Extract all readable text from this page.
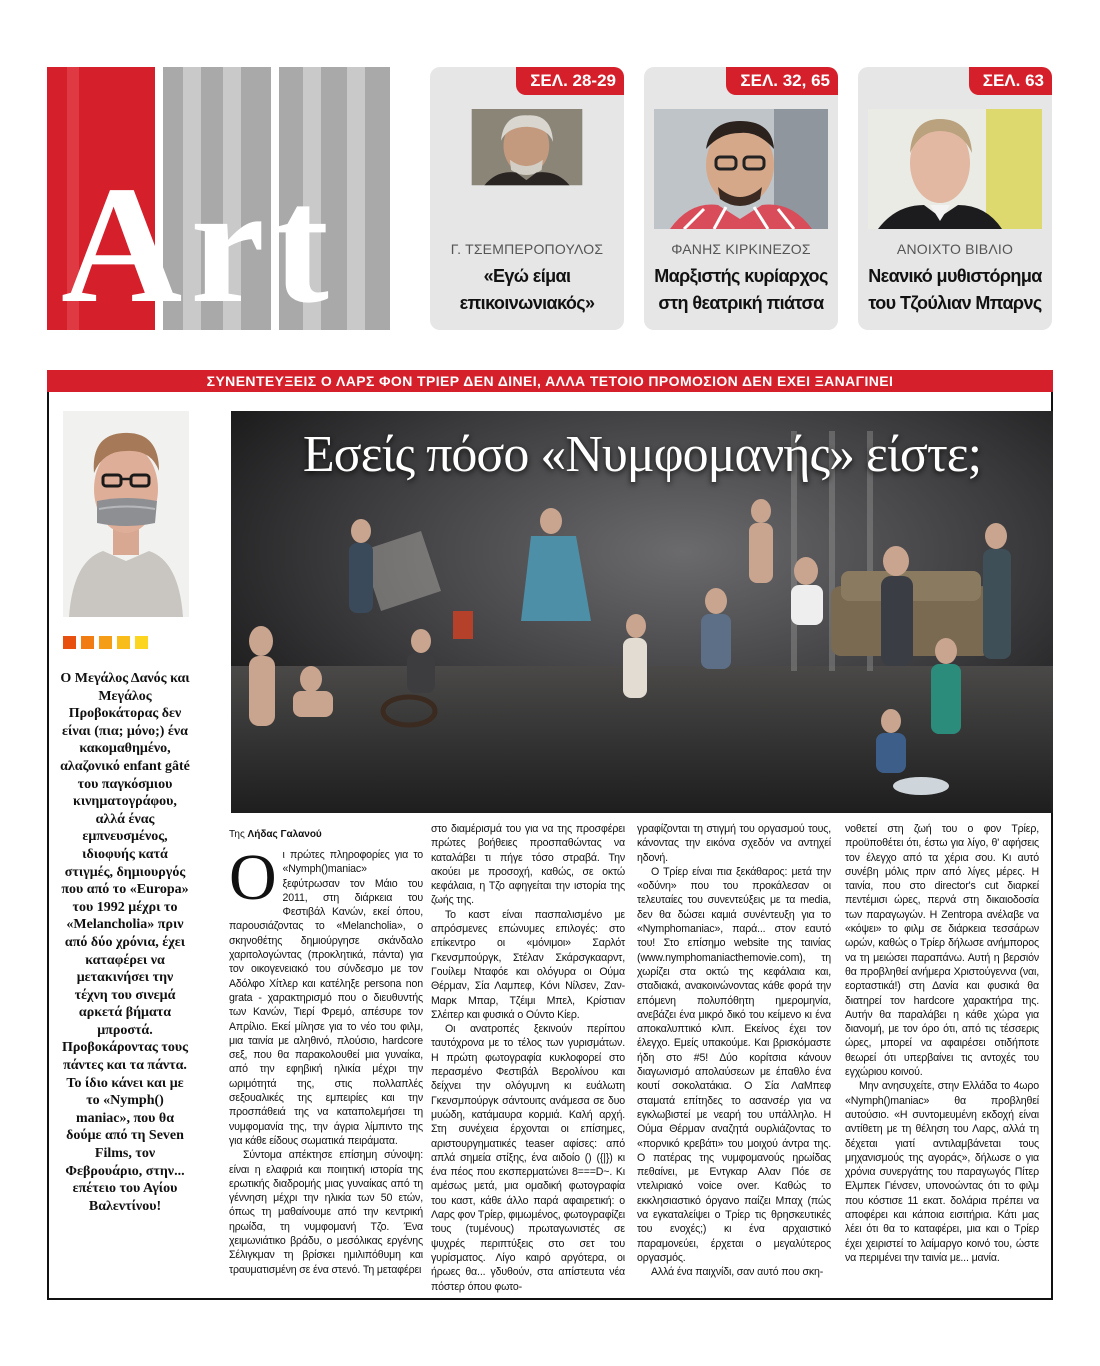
Art
ΣΕΛ. 28-29
Γ. ΤΣΕΜΠΕΡΟΠΟΥΛΟΣ
«Εγώ είμαι
επικοινωνιακός»
ΣΕΛ. 32, 65
ΦΑΝΗΣ ΚΙΡΚΙΝΕΖΟΣ
Μαρξιστής κυρίαρχος
στη θεατρική πιάτσα
ΣΕΛ. 63
ΑΝΟΙΧΤΟ ΒΙΒΛΙΟ
Νεανικό μυθιστόρημα
του Τζούλιαν Μπαρνς
ΣΥΝΕΝΤΕΥΞΕΙΣ Ο ΛΑΡΣ ΦΟΝ ΤΡΙΕΡ ΔΕΝ ΔΙΝΕΙ, ΑΛΛΑ ΤΕΤΟΙΟ ΠΡΟΜΟΣΙΟΝ ΔΕΝ ΕΧΕΙ ΞΑΝΑΓΙΝΕΙ
Ο Μεγάλος Δανός και Μεγάλος Προβοκάτορας δεν είναι (πια; μόνο;) ένα κακομαθημένο, αλαζονικό enfant gâté του παγκόσμιου κινηματογράφου, αλλά ένας εμπνευσμένος, ιδιοφυής κατά στιγμές, δημιουργός που από το «Europa» του 1992 μέχρι το «Melancholia» πριν από δύο χρόνια, έχει καταφέρει να μετακινήσει την τέχνη του σινεμά αρκετά βήματα μπροστά. Προβοκάροντας τους πάντες και τα πάντα. Το ίδιο κάνει και με το «Nymph() maniac», που θα δούμε από τη Seven Films, τον Φεβρουάριο, στην... επέτειο του Αγίου Βαλεντίνου!
Εσείς πόσο «Νυμφομανής» είστε;
Της Λήδας Γαλανού

Οι πρώτες πληροφορίες για το «Nymph()maniac» ξεφύτρωσαν τον Μάιο του 2011, στη διάρκεια του Φεστιβάλ Κανών, εκεί όπου, παρουσιάζοντας το «Melancholia», ο σκηνοθέτης δημιούργησε σκάνδαλο χαριτολογώντας (προκλητικά, πάντα) για τον οικογενειακό του σύνδεσμο με τον Αδόλφο Χίτλερ και κατέληξε persona non grata - χαρακτηρισμό που ο διευθυντής των Κανών, Τιερί Φρεμό, απέσυρε τον Απρίλιο. Εκεί μίλησε για το νέο του φιλμ, μια ταινία με αληθινό, πλούσιο, hardcore σεξ, που θα παρακολουθεί μια γυναίκα, από την εφηβική ηλικία μέχρι την ωριμότητά της, στις πολλαπλές σεξουαλικές της εμπειρίες και την προσπάθειά της να καταπολεμήσει τη νυμφομανία της, την άγρια λίμπιντο της για κάθε είδους σωματικά πειράματα.

Σύντομα απέκτησε επίσημη σύνοψη: είναι η ελαφριά και ποιητική ιστορία της ερωτικής διαδρομής μιας γυναίκας από τη γέννηση μέχρι την ηλικία των 50 ετών, όπως τη μαθαίνουμε από την κεντρική ηρωίδα, τη νυμφομανή Τζο. Ένα χειμωνιάτικο βράδυ, ο μεσόλικας εργένης Σέλιγκμαν τη βρίσκει ημιλιπόθυμη και τραυματισμένη σε ένα στενό. Τη μεταφέρει

στο διαμέρισμά του για να της προσφέρει πρώτες βοήθειες προσπαθώντας να καταλάβει τι πήγε τόσο στραβά. Την ακούει με προσοχή, καθώς, σε οκτώ κεφάλαια, η Τζο αφηγείται την ιστορία της ζωής της.

Το καστ είναι πασπαλισμένο με απρόσμενες επώνυμες επιλογές: στο επίκεντρο οι «μόνιμοι» Σαρλότ Γκενσμπούργκ, Στέλαν Σκάρσγκααρντ, Γουίλεμ Νταφόε και ολόγυρα οι Ούμα Θέρμαν, Σία Λαμπεφ, Κόνι Νίλσεν, Ζαν-Μαρκ Μπαρ, Τζέιμι Μπελ, Κρίστιαν Σλέιτερ και φυσικά ο Ούντο Κίερ.

Οι ανατροπές ξεκινούν περίπου ταυτόχρονα με το τέλος των γυρισμάτων. Η πρώτη φωτογραφία κυκλοφορεί στο περασμένο Φεστιβάλ Βερολίνου και δείχνει την ολόγυμνη κι ευάλωτη Γκενσμπούργκ σάντουιτς ανάμεσα σε δυο μυώδη, κατάμαυρα κορμιά. Καλή αρχή. Στη συνέχεια έρχονται οι επίσημες, αριστουργηματικές teaser αφίσες: από απλά σημεία στίξης, ένα αιδοίο () ({|}) κι ένα πέος που εκσπερματώνει 8===D~. Κι αμέσως μετά, μια ομαδική φωτογραφία του καστ, κάθε άλλο παρά αφαιρετική: ο Λαρς φον Τρίερ, φιμωμένος, φωτογραφίζει τους (τυμένους) πρωταγωνιστές σε ψυχρές περιπτύξεις στο σετ του γυρίσματος. Λίγο καιρό αργότερα, οι ήρωες θα... γδυθούν, στα απίστευτα νέα πόστερ όπου φωτο-

γραφίζονται τη στιγμή του οργασμού τους, κάνοντας την εικόνα σχεδόν να αντηχεί ηδονή.

Ο Τρίερ είναι πια ξεκάθαρος: μετά την «οδύνη» που του προκάλεσαν οι τελευταίες του συνεντεύξεις με τα media, δεν θα δώσει καμιά συνέντευξη για το «Nymphomaniac», παρά... στον εαυτό του! Στο επίσημο website της ταινίας (www.nymphomaniacthemovie.com), τη χωρίζει στα οκτώ της κεφάλαια και, σταδιακά, ανακοινώνοντας κάθε φορά την επόμενη πολυπόθητη ημερομηνία, ανεβάζει ένα μικρό δικό του κείμενο κι ένα αποκαλυπτικό κλιπ. Εκείνος έχει τον έλεγχο. Εμείς υπακούμε. Και βρισκόμαστε ήδη στο #5! Δύο κορίτσια κάνουν διαγωνισμό απολαύσεων με έπαθλο ένα κουτί σοκολατάκια. Ο Σία ΛαΜπεφ σταματά επίτηδες το ασανσέρ για να εγκλωβιστεί με νεαρή του υπάλληλο. Η Ούμα Θέρμαν αναζητά ουρλιάζοντας το «πορνικό κρεβάτι» του μοιχού άντρα της. Ο πατέρας της νυμφομανούς ηρωίδας πεθαίνει, με Εντγκαρ Αλαν Πόε σε ντελιριακό voice over. Καθώς το εκκλησιαστικό όργανο παίζει Μπαχ (πώς να εγκαταλείψει ο Τρίερ τις θρησκευτικές του ενοχές;) κι ένα αρχαιστικό παραμονεύει, έρχεται ο μεγαλύτερος οργασμός.

Αλλά ένα παιχνίδι, σαν αυτό που σκη-

νοθετεί στη ζωή του ο φον Τρίερ, προϋποθέτει ότι, έστω για λίγο, θ' αφήσεις τον έλεγχο από τα χέρια σου. Κι αυτό συνέβη μόλις πριν από λίγες μέρες. Η ταινία, που στο director's cut διαρκεί πεντέμισι ώρες, περνά στη δικαιοδοσία των παραγωγών. Η Zentropa ανέλαβε να «κόψει» το φιλμ σε διάρκεια τεσσάρων ωρών, καθώς ο Τρίερ δήλωσε ανήμπορος να τη μειώσει παραπάνω. Αυτή η βερσιόν θα προβληθεί ανήμερα Χριστούγεννα (ναι, εορταστικά!) στη Δανία και φυσικά θα διατηρεί τον hardcore χαρακτήρα της. Αυτήν θα παραλάβει η κάθε χώρα για διανομή, με τον όρο ότι, από τις τέσσερις ώρες, μπορεί να αφαιρέσει οτιδήποτε θεωρεί ότι υπερβαίνει τις αντοχές του εγχώριου κοινού.

Μην ανησυχείτε, στην Ελλάδα το 4ωρο «Nymph()maniac» θα προβληθεί αυτούσιο. «Η συντομευμένη εκδοχή είναι αντίθετη με τη θέληση του Λαρς, αλλά τη δέχεται γιατί αντιλαμβάνεται τους μηχανισμούς της αγοράς», δήλωσε ο για χρόνια συνεργάτης του παραγωγός Πίτερ Ελμπεκ Γιένσεν, υπονοώντας ότι το φιλμ που κόστισε 11 εκατ. δολάρια πρέπει να αποφέρει και κάποια εισιτήρια. Κάτι μας λέει ότι θα το καταφέρει, μια και ο Τρίερ έχει χειριστεί το λαίμαργο κοινό του, ώστε να περιμένει την ταινία με... μανία.
